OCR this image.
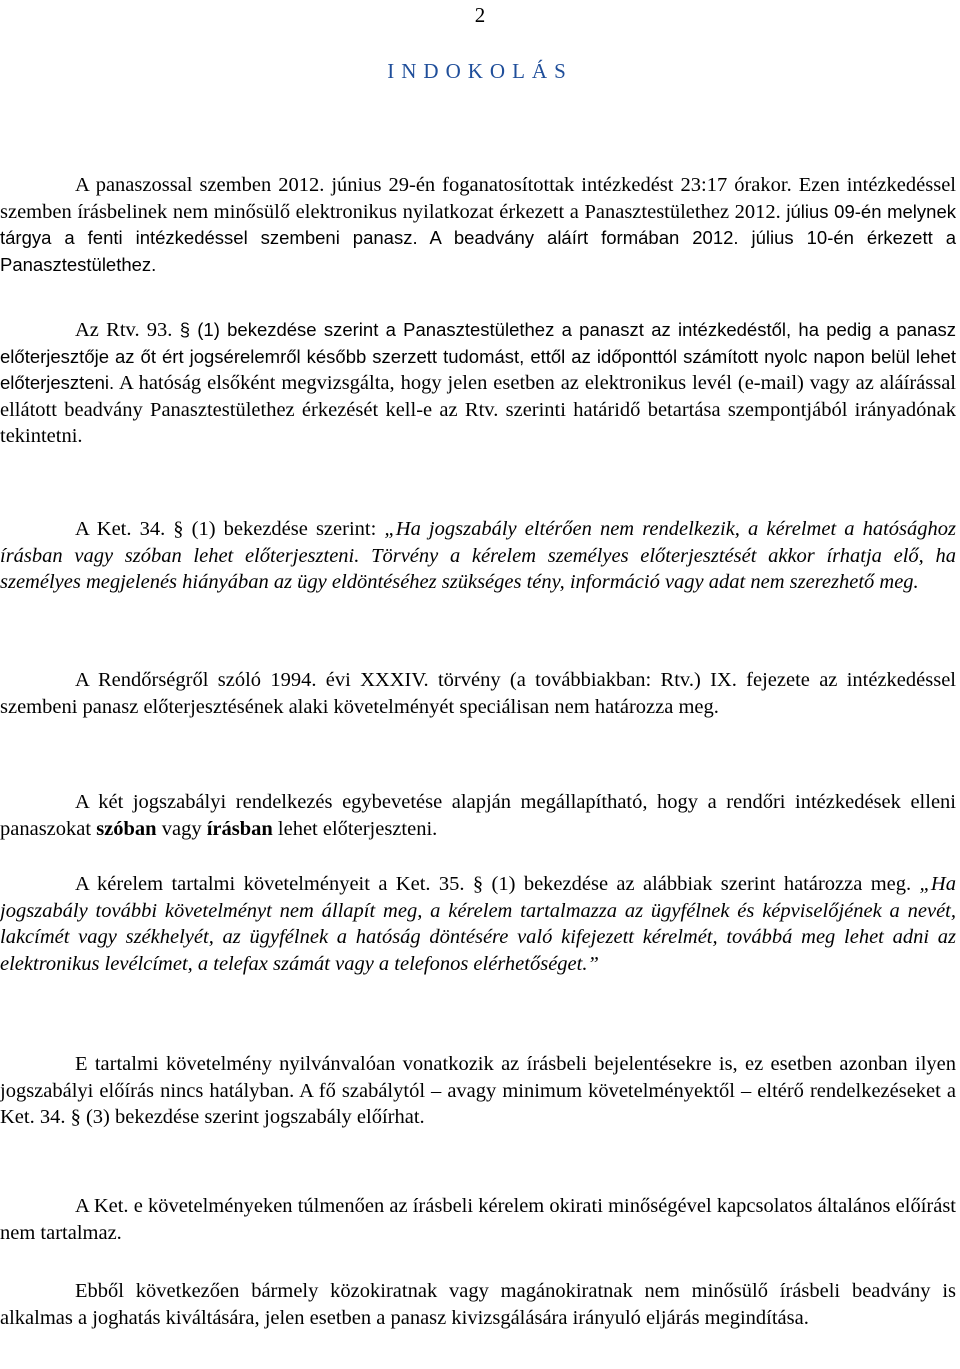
2
INDOKOLÁS

A panaszossal szemben 2012. június 29-én foganatosítottak intézkedést 23:17 órakor. Ezen intézkedéssel szemben írásbelinek nem minősülő elektronikus nyilatkozat érkezett a Panasztestülethez 2012. július 09-én melynek tárgya a fenti intézkedéssel szembeni panasz. A beadvány aláírt formában 2012. július 10-én érkezett a Panasztestülethez.

Az Rtv. 93. § (1) bekezdése szerint a Panasztestülethez a panaszt az intézkedéstől, ha pedig a panasz előterjesztője az őt ért jogsérelemről később szerzett tudomást, ettől az időponttól számított nyolc napon belül lehet előterjeszteni. A hatóság elsőként megvizsgálta, hogy jelen esetben az elektronikus levél (e-mail) vagy az aláírással ellátott beadvány Panasztestülethez érkezését kell-e az Rtv. szerinti határidő betartása szempontjából irányadónak tekintetni.

A Ket. 34. § (1) bekezdése szerint: „Ha jogszabály eltérően nem rendelkezik, a kérelmet a hatósághoz írásban vagy szóban lehet előterjeszteni. Törvény a kérelem személyes előterjesztését akkor írhatja elő, ha személyes megjelenés hiányában az ügy eldöntéséhez szükséges tény, információ vagy adat nem szerezhető meg.

A Rendőrségről szóló 1994. évi XXXIV. törvény (a továbbiakban: Rtv.) IX. fejezete az intézkedéssel szembeni panasz előterjesztésének alaki követelményét speciálisan nem határozza meg.

A két jogszabályi rendelkezés egybevetése alapján megállapítható, hogy a rendőri intézkedések elleni panaszokat szóban vagy írásban lehet előterjeszteni.

A kérelem tartalmi követelményeit a Ket. 35. § (1) bekezdése az alábbiak szerint határozza meg. „Ha jogszabály további követelményt nem állapít meg, a kérelem tartalmazza az ügyfélnek és képviselőjének a nevét, lakcímét vagy székhelyét, az ügyfélnek a hatóság döntésére való kifejezett kérelmét, továbbá meg lehet adni az elektronikus levélcímet, a telefax számát vagy a telefonos elérhetőséget.”

E tartalmi követelmény nyilvánvalóan vonatkozik az írásbeli bejelentésekre is, ez esetben azonban ilyen jogszabályi előírás nincs hatályban. A fő szabálytól – avagy minimum követelményektől – eltérő rendelkezéseket a Ket. 34. § (3) bekezdése szerint jogszabály előírhat.

A Ket. e követelményeken túlmenően az írásbeli kérelem okirati minőségével kapcsolatos általános előírást nem tartalmaz.

Ebből következően bármely közokiratnak vagy magánokiratnak nem minősülő írásbeli beadvány is alkalmas a joghatás kiváltására, jelen esetben a panasz kivizsgálására irányuló eljárás megindítása.
